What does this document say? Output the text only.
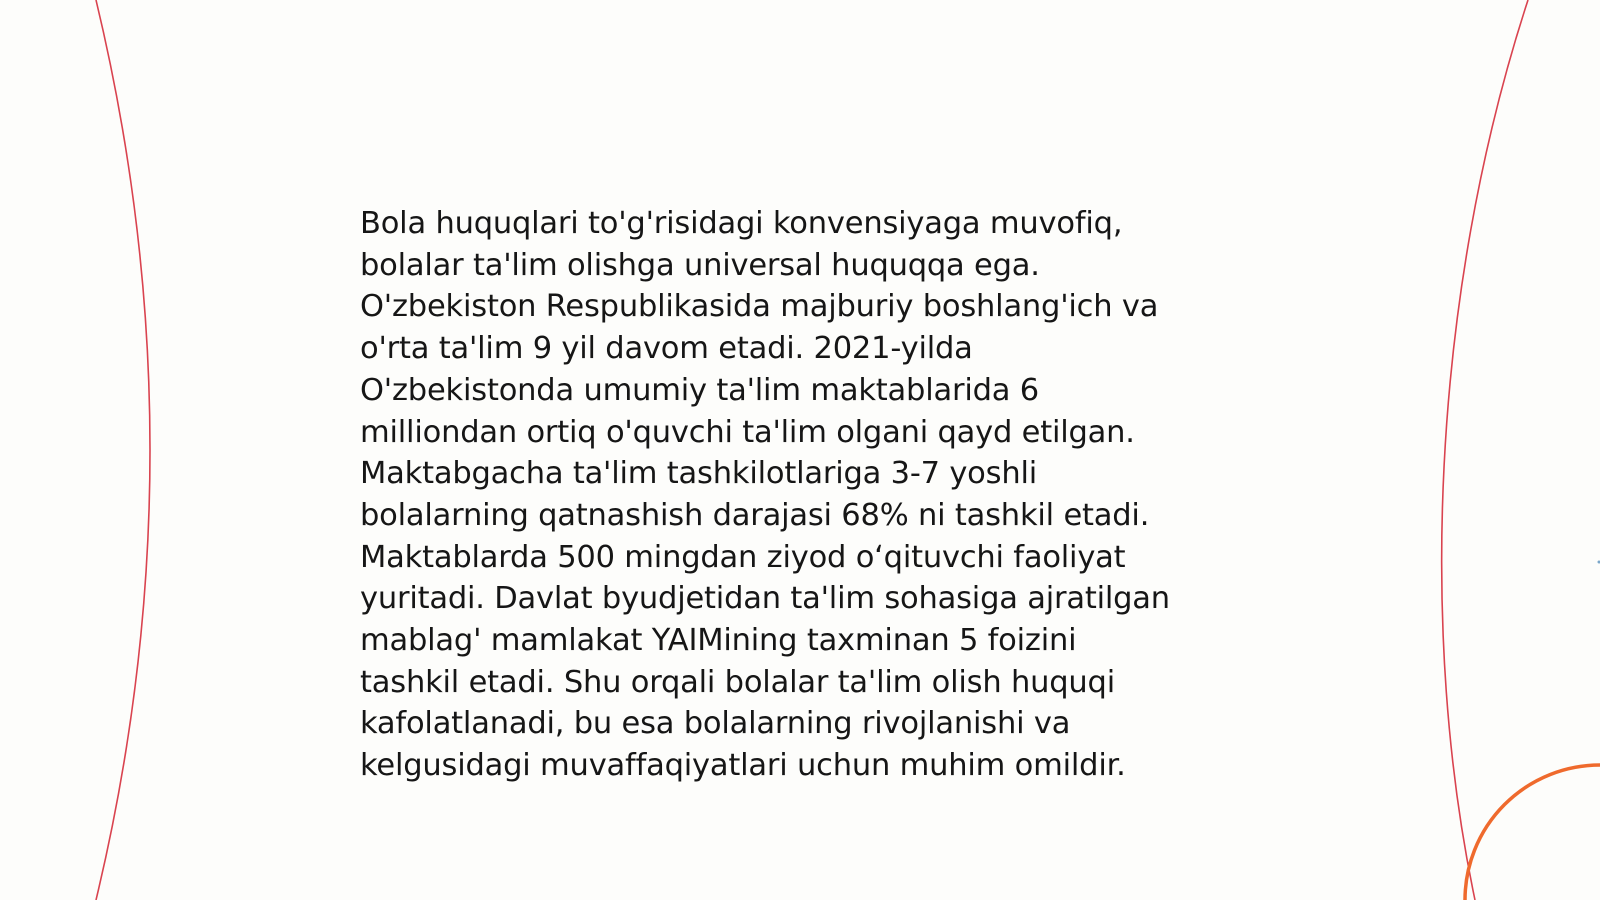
Bola huquqlari to'g'risidagi konvensiyaga muvofiq,
bolalar ta'lim olishga universal huquqqa ega.
O'zbekiston Respublikasida majburiy boshlang'ich va
o'rta ta'lim 9 yil davom etadi. 2021-yilda
O'zbekistonda umumiy ta'lim maktablarida 6
milliondan ortiq o'quvchi ta'lim olgani qayd etilgan.
Maktabgacha ta'lim tashkilotlariga 3-7 yoshli
bolalarning qatnashish darajasi 68% ni tashkil etadi.
Maktablarda 500 mingdan ziyod oʻqituvchi faoliyat
yuritadi. Davlat byudjetidan ta'lim sohasiga ajratilgan
mablag' mamlakat YAIMining taxminan 5 foizini
tashkil etadi. Shu orqali bolalar ta'lim olish huquqi
kafolatlanadi, bu esa bolalarning rivojlanishi va
kelgusidagi muvaffaqiyatlari uchun muhim omildir.
